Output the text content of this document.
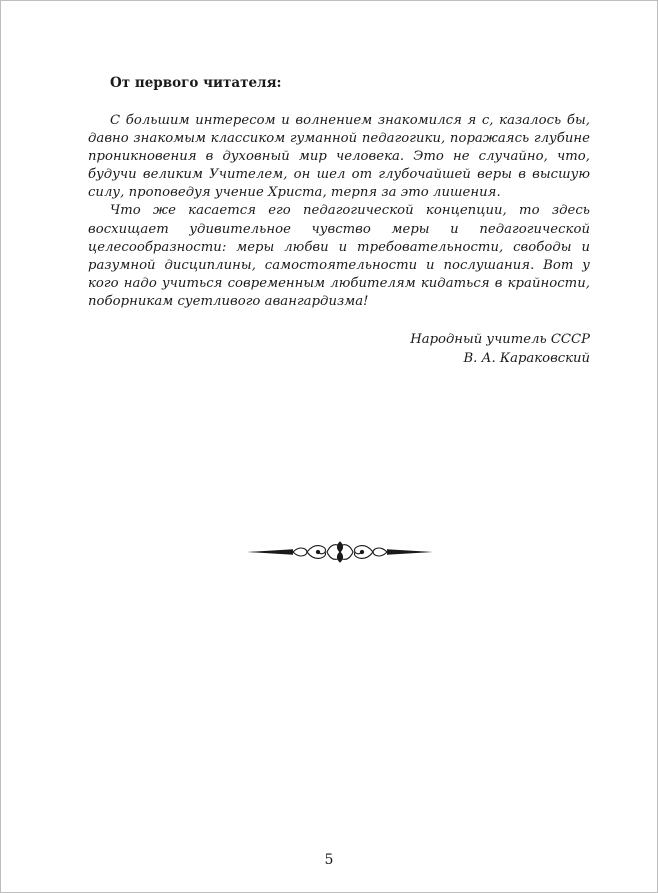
От первого читателя:

С большим интересом и волнением знакомился я с, казалось бы, давно знакомым классиком гуманной педагогики, поражаясь глубине проникновения в духовный мир человека. Это не случайно, что, будучи великим Учителем, он шел от глубочайшей веры в высшую силу, проповедуя учение Христа, терпя за это лишения.

Что же касается его педагогической концепции, то здесь восхищает удивительное чувство меры и педагогической целесообразности: меры любви и требовательности, свободы и разумной дисциплины, самостоятельности и послушания. Вот у кого надо учиться современным любителям кидаться в крайности, поборникам суетливого авангардизма!

Народный учитель СССР
В. А. Караковский
5
